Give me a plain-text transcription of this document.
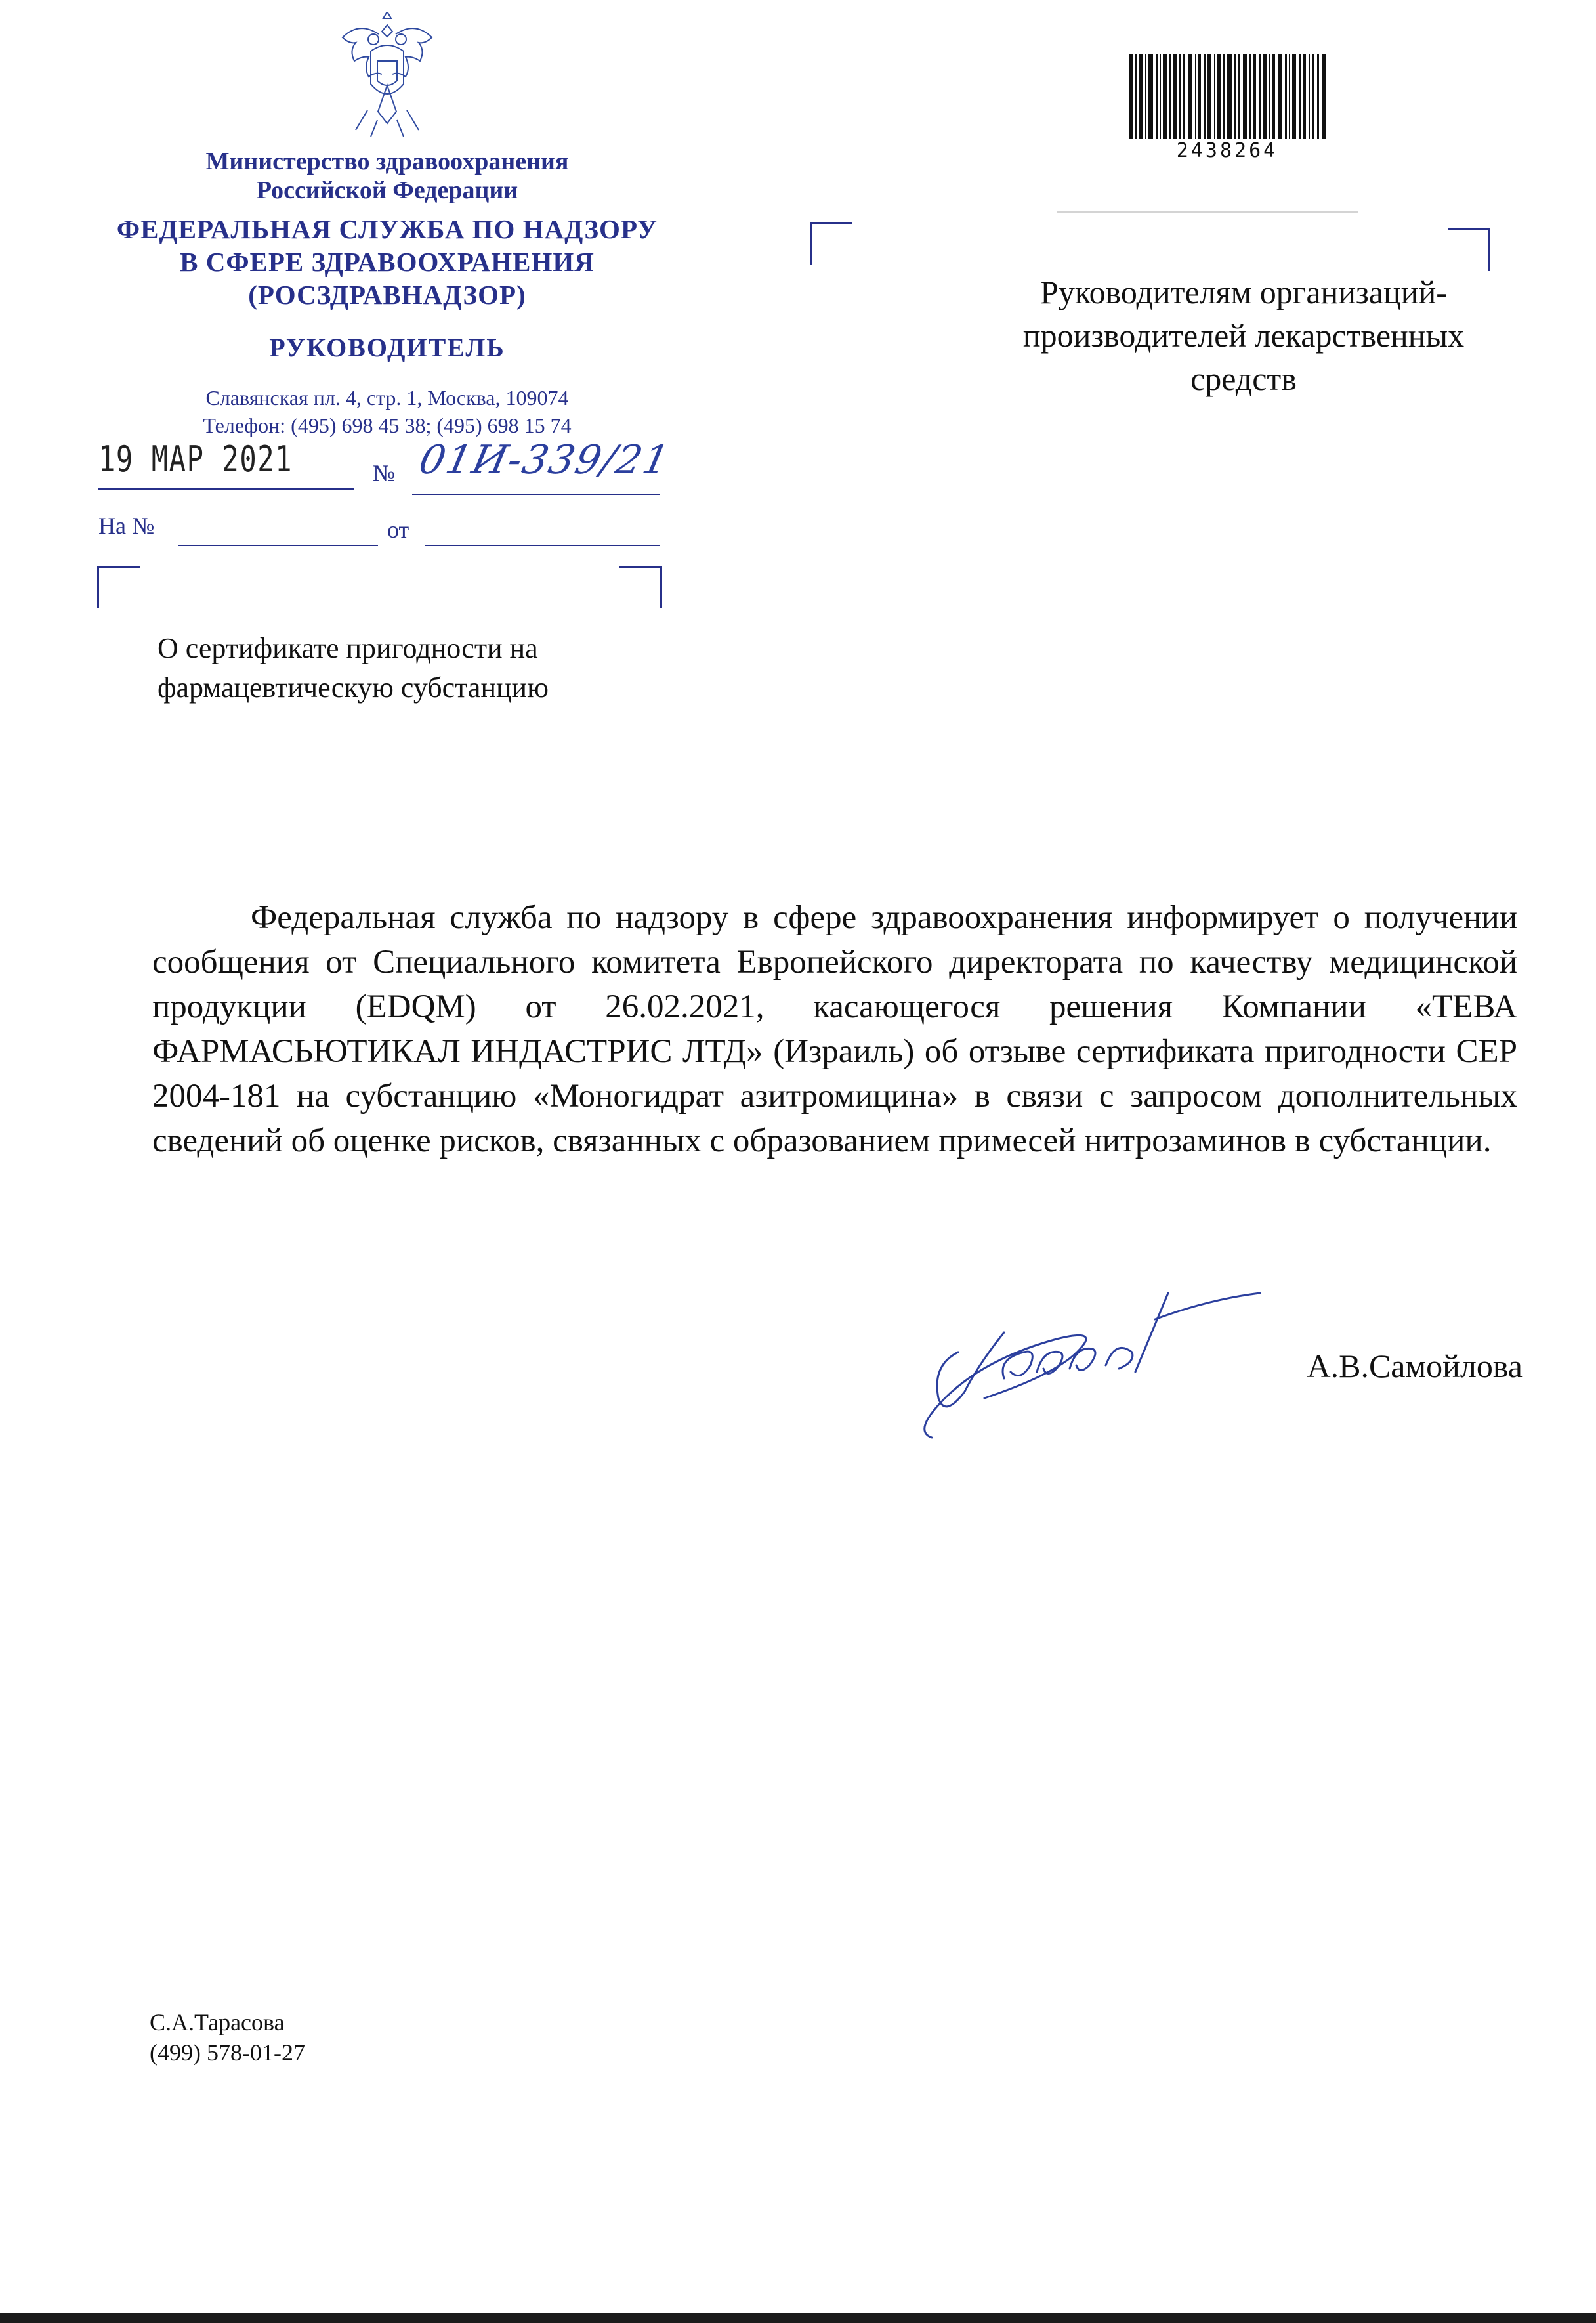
Министерство здравоохранения
Российской Федерации
ФЕДЕРАЛЬНАЯ СЛУЖБА ПО НАДЗОРУ
В СФЕРЕ ЗДРАВООХРАНЕНИЯ
(РОСЗДРАВНАДЗОР)
РУКОВОДИТЕЛЬ
Славянская пл. 4, стр. 1, Москва, 109074
Телефон: (495) 698 45 38; (495) 698 15 74
19 МАР 2021	№ 01И-339/21
На №	от
2438264
Руководителям организаций-
производителей лекарственных
средств
О сертификате пригодности на
фармацевтическую субстанцию

Федеральная служба по надзору в сфере здравоохранения информирует о получении сообщения от Специального комитета Европейского директората по качеству медицинской продукции (EDQM) от 26.02.2021, касающегося решения Компании «ТЕВА ФАРМАСЬЮТИКАЛ ИНДАСТРИС ЛТД» (Израиль) об отзыве сертификата пригодности CEP 2004-181 на субстанцию «Моногидрат азитромицина» в связи с запросом дополнительных сведений об оценке рисков, связанных с образованием примесей нитрозаминов в субстанции.

А.В.Самойлова
С.А.Тарасова
(499) 578-01-27
